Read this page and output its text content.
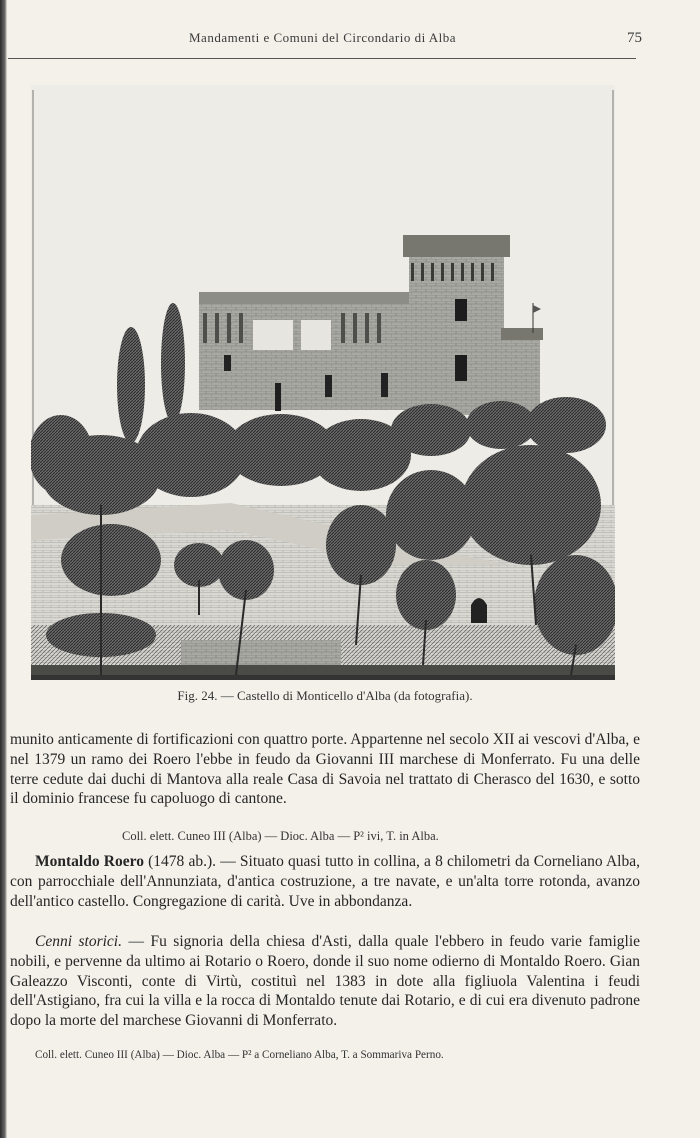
Mandamenti e Comuni del Circondario di Alba	75
Fig. 24. — Castello di Monticello d'Alba (da fotografia).

munito anticamente di fortificazioni con quattro porte. Appartenne nel secolo XII ai vescovi d'Alba, e nel 1379 un ramo dei Roero l'ebbe in feudo da Giovanni III marchese di Monferrato. Fu una delle terre cedute dai duchi di Mantova alla reale Casa di Savoia nel trattato di Cherasco del 1630, e sotto il dominio francese fu capoluogo di cantone.

Coll. elett. Cuneo III (Alba) — Dioc. Alba — P² ivi, T. in Alba.

Montaldo Roero (1478 ab.). — Situato quasi tutto in collina, a 8 chilometri da Corneliano Alba, con parrocchiale dell'Annunziata, d'antica costruzione, a tre navate, e un'alta torre rotonda, avanzo dell'antico castello. Congregazione di carità. Uve in abbondanza.

Cenni storici. — Fu signoria della chiesa d'Asti, dalla quale l'ebbero in feudo varie famiglie nobili, e pervenne da ultimo ai Rotario o Roero, donde il suo nome odierno di Montaldo Roero. Gian Galeazzo Visconti, conte di Virtù, costituì nel 1383 in dote alla figliuola Valentina i feudi dell'Astigiano, fra cui la villa e la rocca di Montaldo tenute dai Rotario, e di cui era divenuto padrone dopo la morte del marchese Giovanni di Monferrato.

Coll. elett. Cuneo III (Alba) — Dioc. Alba — P² a Corneliano Alba, T. a Sommariva Perno.
